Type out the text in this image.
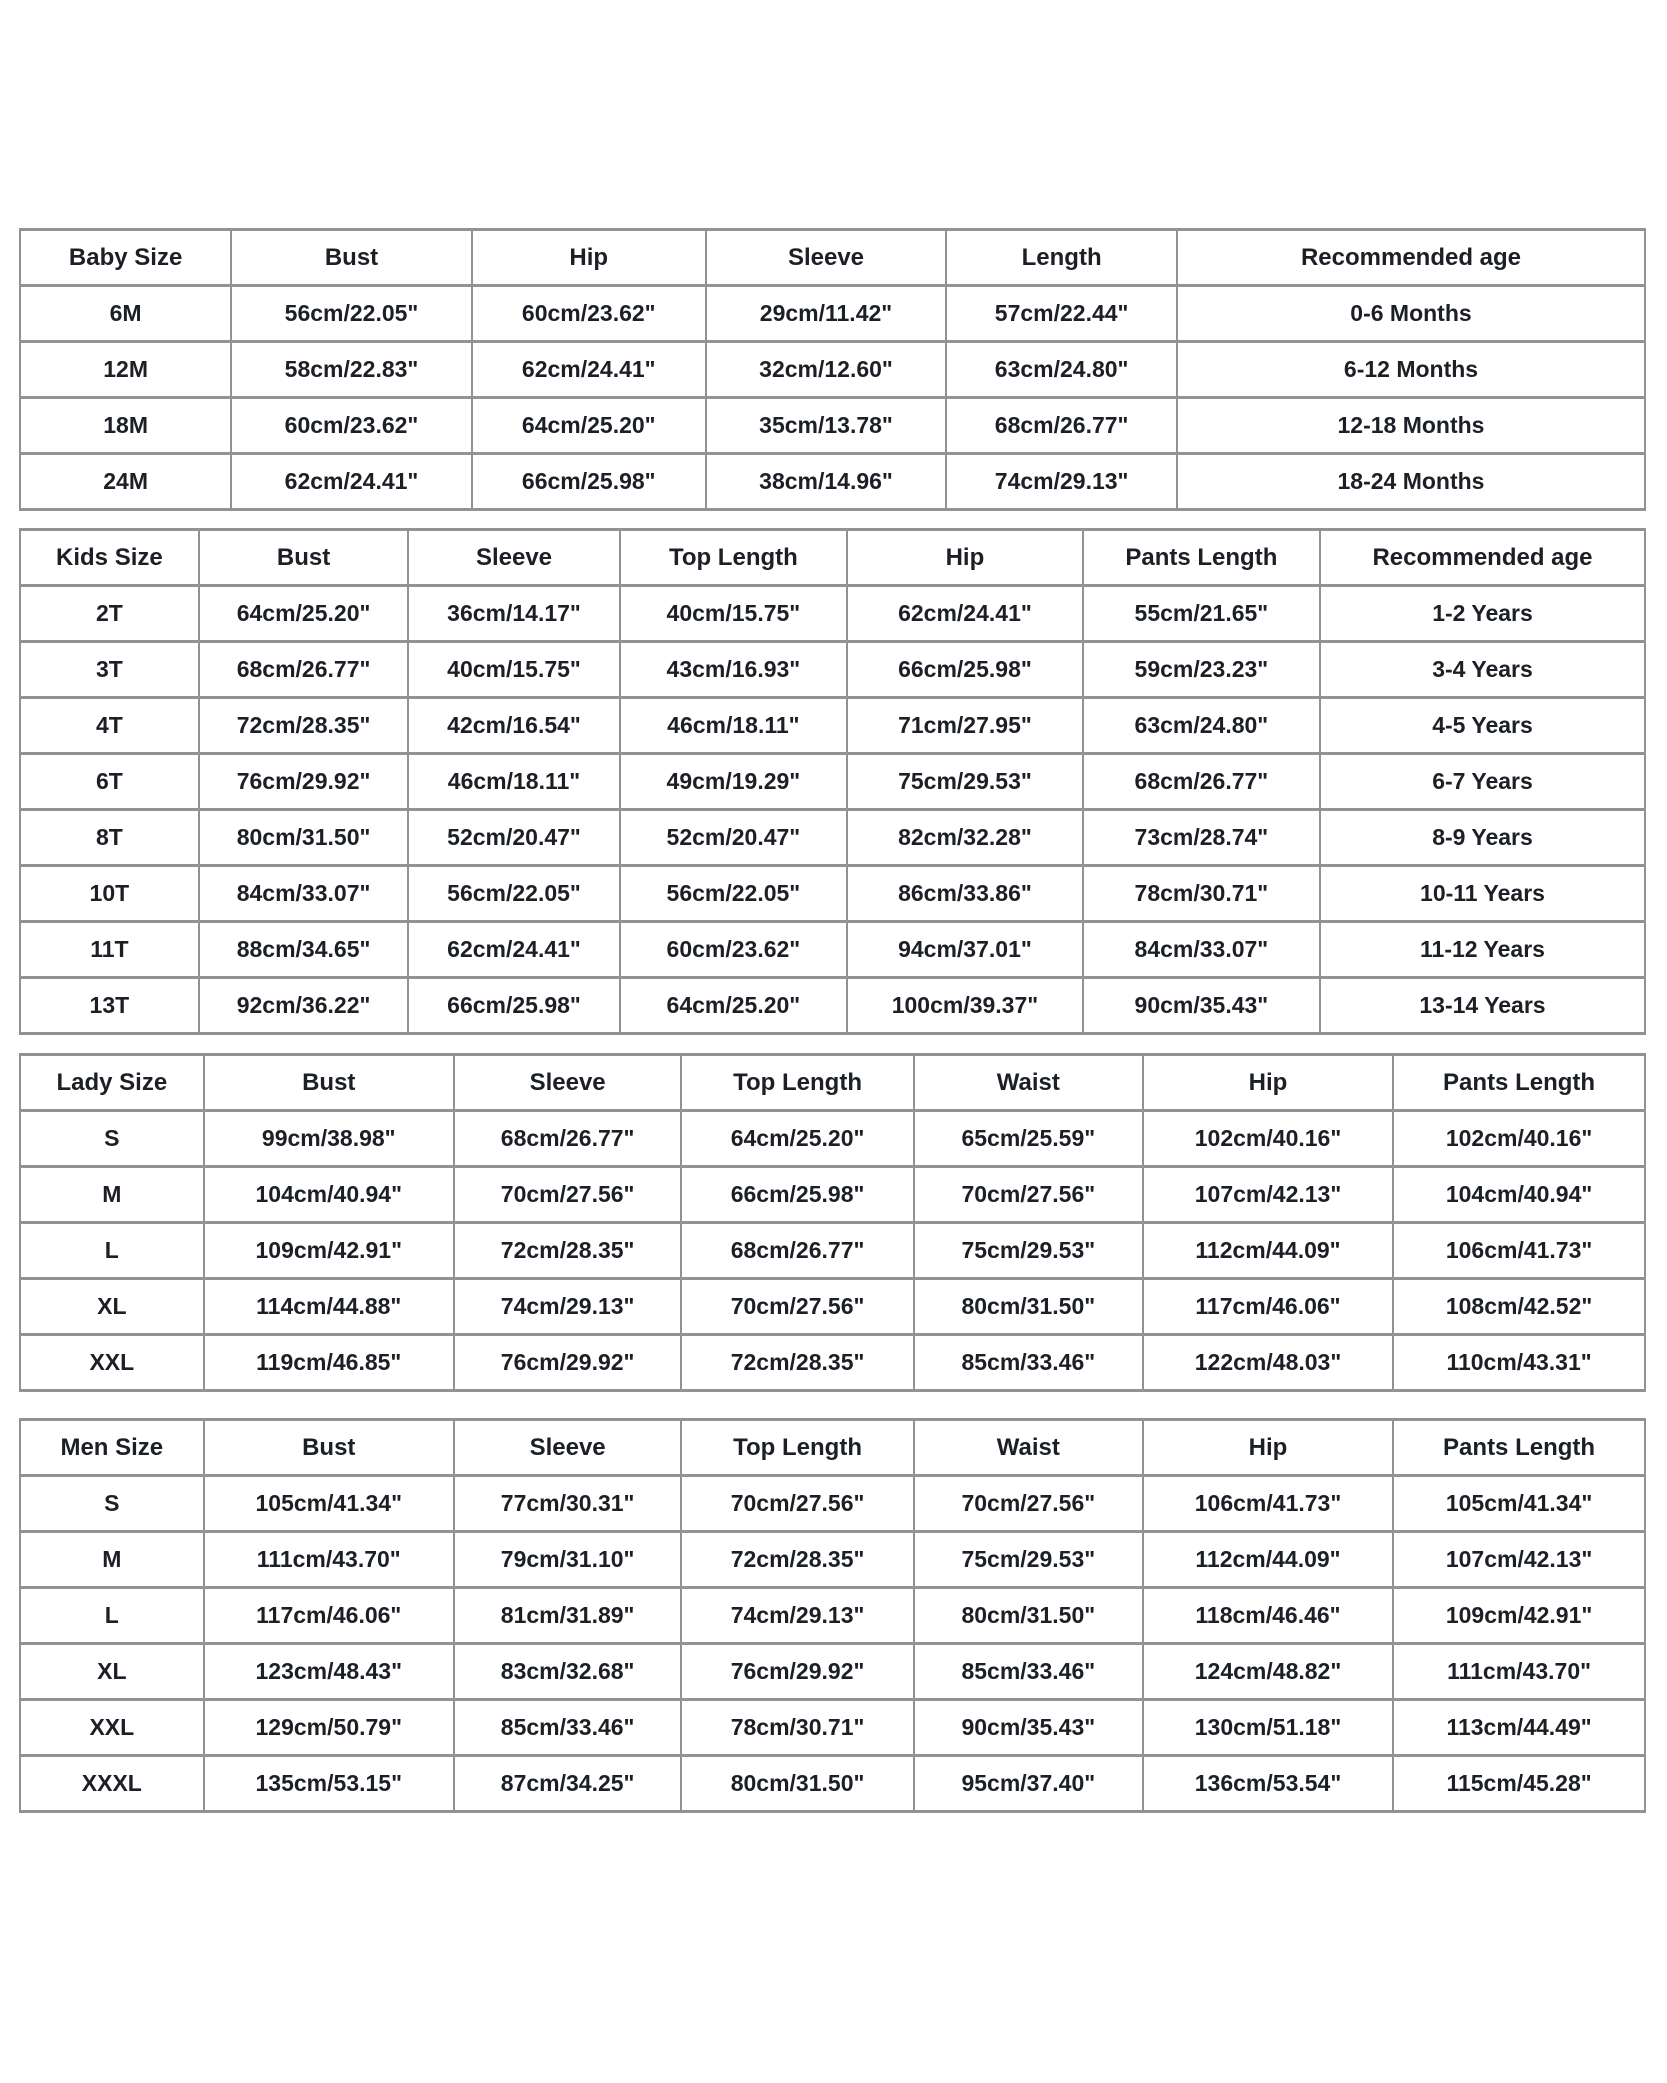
Baby Size	Bust	Hip	Sleeve	Length	Recommended age
6M	56cm/22.05"	60cm/23.62"	29cm/11.42"	57cm/22.44"	0-6 Months
12M	58cm/22.83"	62cm/24.41"	32cm/12.60"	63cm/24.80"	6-12 Months
18M	60cm/23.62"	64cm/25.20"	35cm/13.78"	68cm/26.77"	12-18 Months
24M	62cm/24.41"	66cm/25.98"	38cm/14.96"	74cm/29.13"	18-24 Months
Kids Size	Bust	Sleeve	Top Length	Hip	Pants Length	Recommended age
2T	64cm/25.20"	36cm/14.17"	40cm/15.75"	62cm/24.41"	55cm/21.65"	1-2 Years
3T	68cm/26.77"	40cm/15.75"	43cm/16.93"	66cm/25.98"	59cm/23.23"	3-4 Years
4T	72cm/28.35"	42cm/16.54"	46cm/18.11"	71cm/27.95"	63cm/24.80"	4-5 Years
6T	76cm/29.92"	46cm/18.11"	49cm/19.29"	75cm/29.53"	68cm/26.77"	6-7 Years
8T	80cm/31.50"	52cm/20.47"	52cm/20.47"	82cm/32.28"	73cm/28.74"	8-9 Years
10T	84cm/33.07"	56cm/22.05"	56cm/22.05"	86cm/33.86"	78cm/30.71"	10-11 Years
11T	88cm/34.65"	62cm/24.41"	60cm/23.62"	94cm/37.01"	84cm/33.07"	11-12 Years
13T	92cm/36.22"	66cm/25.98"	64cm/25.20"	100cm/39.37"	90cm/35.43"	13-14 Years
Lady Size	Bust	Sleeve	Top Length	Waist	Hip	Pants Length
S	99cm/38.98"	68cm/26.77"	64cm/25.20"	65cm/25.59"	102cm/40.16"	102cm/40.16"
M	104cm/40.94"	70cm/27.56"	66cm/25.98"	70cm/27.56"	107cm/42.13"	104cm/40.94"
L	109cm/42.91"	72cm/28.35"	68cm/26.77"	75cm/29.53"	112cm/44.09"	106cm/41.73"
XL	114cm/44.88"	74cm/29.13"	70cm/27.56"	80cm/31.50"	117cm/46.06"	108cm/42.52"
XXL	119cm/46.85"	76cm/29.92"	72cm/28.35"	85cm/33.46"	122cm/48.03"	110cm/43.31"
Men Size	Bust	Sleeve	Top Length	Waist	Hip	Pants Length
S	105cm/41.34"	77cm/30.31"	70cm/27.56"	70cm/27.56"	106cm/41.73"	105cm/41.34"
M	111cm/43.70"	79cm/31.10"	72cm/28.35"	75cm/29.53"	112cm/44.09"	107cm/42.13"
L	117cm/46.06"	81cm/31.89"	74cm/29.13"	80cm/31.50"	118cm/46.46"	109cm/42.91"
XL	123cm/48.43"	83cm/32.68"	76cm/29.92"	85cm/33.46"	124cm/48.82"	111cm/43.70"
XXL	129cm/50.79"	85cm/33.46"	78cm/30.71"	90cm/35.43"	130cm/51.18"	113cm/44.49"
XXXL	135cm/53.15"	87cm/34.25"	80cm/31.50"	95cm/37.40"	136cm/53.54"	115cm/45.28"
